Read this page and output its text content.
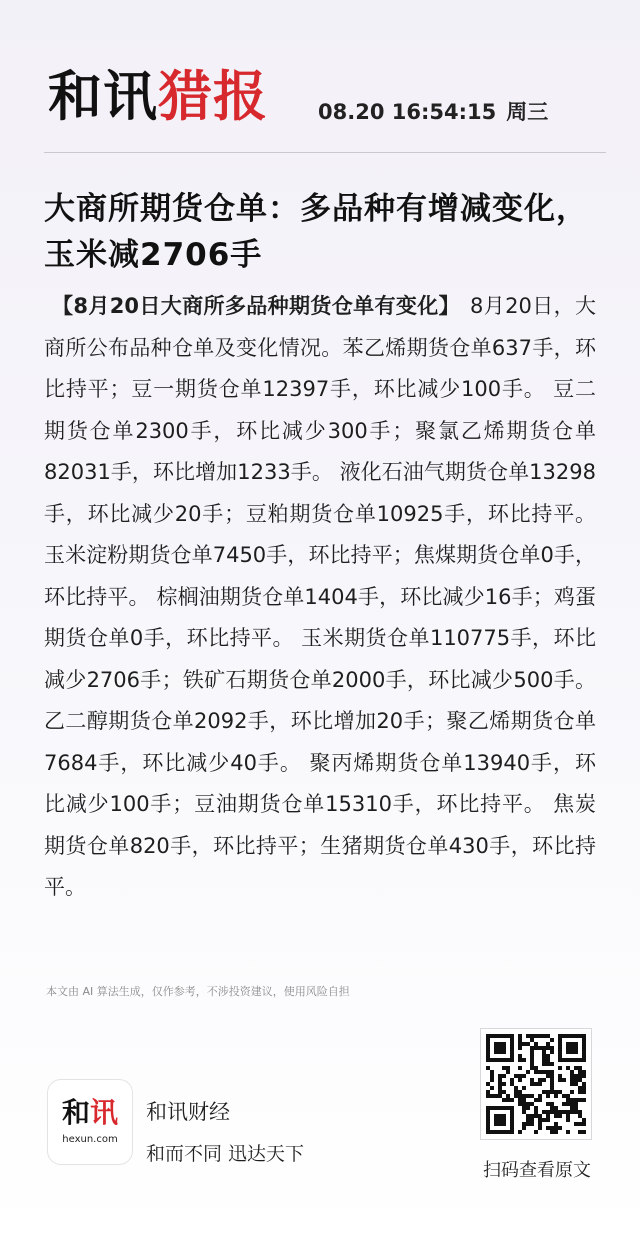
和讯猎报 08.20 16:54:15 周三
大商所期货仓单：多品种有增减变化，玉米减2706手
【8月20日大商所多品种期货仓单有变化】 8月20日，大商所公布品种仓单及变化情况。苯乙烯期货仓单637手，环比持平；豆一期货仓单12397手，环比减少100手。 豆二期货仓单2300手，环比减少300手；聚氯乙烯期货仓单82031手，环比增加1233手。 液化石油气期货仓单13298手，环比减少20手；豆粕期货仓单10925手，环比持平。 玉米淀粉期货仓单7450手，环比持平；焦煤期货仓单0手，环比持平。 棕榈油期货仓单1404手，环比减少16手；鸡蛋期货仓单0手，环比持平。 玉米期货仓单110775手，环比减少2706手；铁矿石期货仓单2000手，环比减少500手。 乙二醇期货仓单2092手，环比增加20手；聚乙烯期货仓单7684手，环比减少40手。 聚丙烯期货仓单13940手，环比减少100手；豆油期货仓单15310手，环比持平。 焦炭期货仓单820手，环比持平；生猪期货仓单430手，环比持平。
本文由 AI 算法生成，仅作参考，不涉投资建议，使用风险自担
和讯
hexun.com
和讯财经
和而不同 迅达天下
扫码查看原文
